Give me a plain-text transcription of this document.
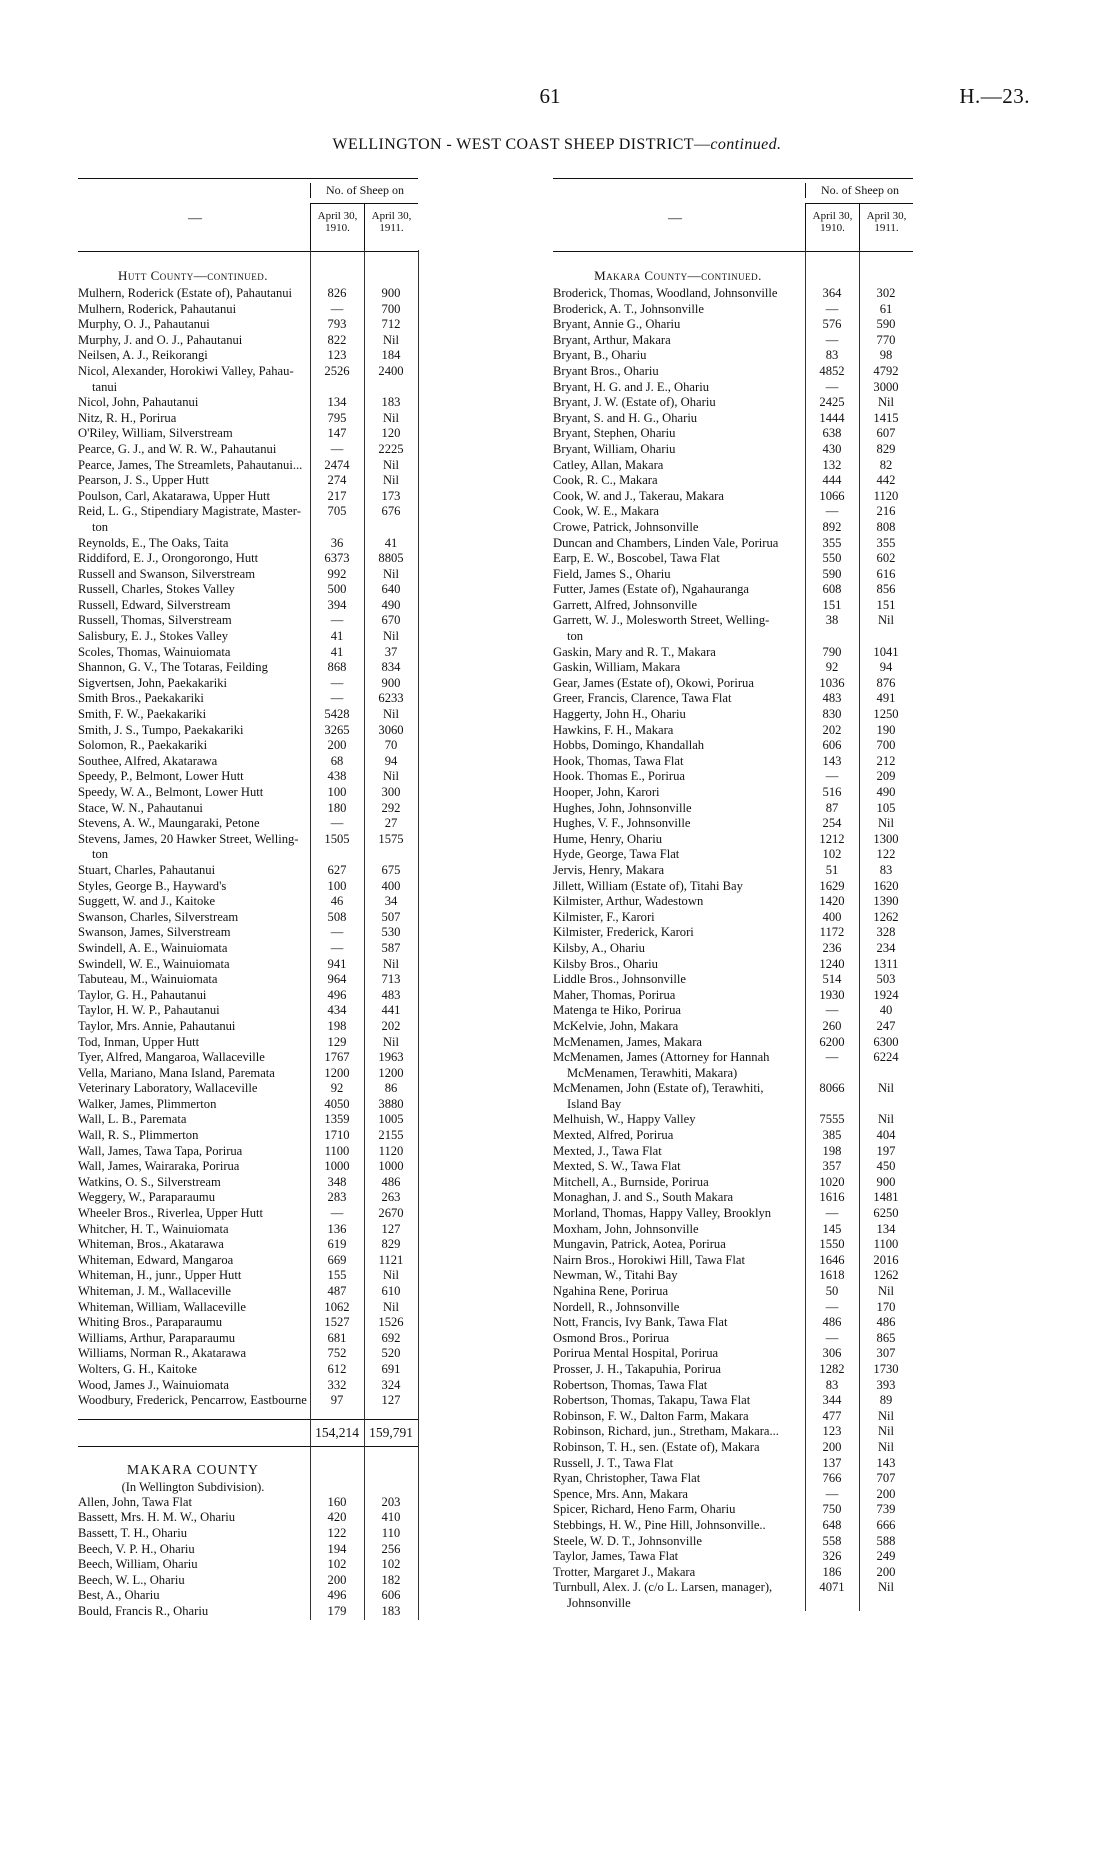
61	H.—23.
WELLINGTON - WEST COAST SHEEP DISTRICT—continued.
—
No. of Sheep on
April 30, 1910.
April 30, 1911.
Hutt County—continued.
Mulhern, Roderick (Estate of), Pahautanui	826	900
Mulhern, Roderick, Pahautanui	—	700
Murphy, O. J., Pahautanui	793	712
Murphy, J. and O. J., Pahautanui	822	Nil
Neilsen, A. J., Reikorangi	123	184
Nicol, Alexander, Horokiwi Valley, Pahau-	2526	2400
tanui
Nicol, John, Pahautanui	134	183
Nitz, R. H., Porirua	795	Nil
O'Riley, William, Silverstream	147	120
Pearce, G. J., and W. R. W., Pahautanui	—	2225
Pearce, James, The Streamlets, Pahautanui...	2474	Nil
Pearson, J. S., Upper Hutt	274	Nil
Poulson, Carl, Akatarawa, Upper Hutt	217	173
Reid, L. G., Stipendiary Magistrate, Master-	705	676
ton
Reynolds, E., The Oaks, Taita	36	41
Riddiford, E. J., Orongorongo, Hutt	6373	8805
Russell and Swanson, Silverstream	992	Nil
Russell, Charles, Stokes Valley	500	640
Russell, Edward, Silverstream	394	490
Russell, Thomas, Silverstream	—	670
Salisbury, E. J., Stokes Valley	41	Nil
Scoles, Thomas, Wainuiomata	41	37
Shannon, G. V., The Totaras, Feilding	868	834
Sigvertsen, John, Paekakariki	—	900
Smith Bros., Paekakariki	—	6233
Smith, F. W., Paekakariki	5428	Nil
Smith, J. S., Tumpo, Paekakariki	3265	3060
Solomon, R., Paekakariki	200	70
Southee, Alfred, Akatarawa	68	94
Speedy, P., Belmont, Lower Hutt	438	Nil
Speedy, W. A., Belmont, Lower Hutt	100	300
Stace, W. N., Pahautanui	180	292
Stevens, A. W., Maungaraki, Petone	—	27
Stevens, James, 20 Hawker Street, Welling-	1505	1575
ton
Stuart, Charles, Pahautanui	627	675
Styles, George B., Hayward's	100	400
Suggett, W. and J., Kaitoke	46	34
Swanson, Charles, Silverstream	508	507
Swanson, James, Silverstream	—	530
Swindell, A. E., Wainuiomata	—	587
Swindell, W. E., Wainuiomata	941	Nil
Tabuteau, M., Wainuiomata	964	713
Taylor, G. H., Pahautanui	496	483
Taylor, H. W. P., Pahautanui	434	441
Taylor, Mrs. Annie, Pahautanui	198	202
Tod, Inman, Upper Hutt	129	Nil
Tyer, Alfred, Mangaroa, Wallaceville	1767	1963
Vella, Mariano, Mana Island, Paremata	1200	1200
Veterinary Laboratory, Wallaceville	92	86
Walker, James, Plimmerton	4050	3880
Wall, L. B., Paremata	1359	1005
Wall, R. S., Plimmerton	1710	2155
Wall, James, Tawa Tapa, Porirua	1100	1120
Wall, James, Wairaraka, Porirua	1000	1000
Watkins, O. S., Silverstream	348	486
Weggery, W., Paraparaumu	283	263
Wheeler Bros., Riverlea, Upper Hutt	—	2670
Whitcher, H. T., Wainuiomata	136	127
Whiteman, Bros., Akatarawa	619	829
Whiteman, Edward, Mangaroa	669	1121
Whiteman, H., junr., Upper Hutt	155	Nil
Whiteman, J. M., Wallaceville	487	610
Whiteman, William, Wallaceville	1062	Nil
Whiting Bros., Paraparaumu	1527	1526
Williams, Arthur, Paraparaumu	681	692
Williams, Norman R., Akatarawa	752	520
Wolters, G. H., Kaitoke	612	691
Wood, James J., Wainuiomata	332	324
Woodbury, Frederick, Pencarrow, Eastbourne	97	127
154,214 159,791
MAKARA COUNTY
(In Wellington Subdivision).
Allen, John, Tawa Flat	160	203
Bassett, Mrs. H. M. W., Ohariu	420	410
Bassett, T. H., Ohariu	122	110
Beech, V. P. H., Ohariu	194	256
Beech, William, Ohariu	102	102
Beech, W. L., Ohariu	200	182
Best, A., Ohariu	496	606
Bould, Francis R., Ohariu	179	183
—
No. of Sheep on
April 30, 1910.
April 30, 1911.
Makara County—continued.
Broderick, Thomas, Woodland, Johnsonville	364	302
Broderick, A. T., Johnsonville	—	61
Bryant, Annie G., Ohariu	576	590
Bryant, Arthur, Makara	—	770
Bryant, B., Ohariu	83	98
Bryant Bros., Ohariu	4852	4792
Bryant, H. G. and J. E., Ohariu	—	3000
Bryant, J. W. (Estate of), Ohariu	2425	Nil
Bryant, S. and H. G., Ohariu	1444	1415
Bryant, Stephen, Ohariu	638	607
Bryant, William, Ohariu	430	829
Catley, Allan, Makara	132	82
Cook, R. C., Makara	444	442
Cook, W. and J., Takerau, Makara	1066	1120
Cook, W. E., Makara	—	216
Crowe, Patrick, Johnsonville	892	808
Duncan and Chambers, Linden Vale, Porirua	355	355
Earp, E. W., Boscobel, Tawa Flat	550	602
Field, James S., Ohariu	590	616
Futter, James (Estate of), Ngahauranga	608	856
Garrett, Alfred, Johnsonville	151	151
Garrett, W. J., Molesworth Street, Welling-	38	Nil
ton
Gaskin, Mary and R. T., Makara	790	1041
Gaskin, William, Makara	92	94
Gear, James (Estate of), Okowi, Porirua	1036	876
Greer, Francis, Clarence, Tawa Flat	483	491
Haggerty, John H., Ohariu	830	1250
Hawkins, F. H., Makara	202	190
Hobbs, Domingo, Khandallah	606	700
Hook, Thomas, Tawa Flat	143	212
Hook. Thomas E., Porirua	—	209
Hooper, John, Karori	516	490
Hughes, John, Johnsonville	87	105
Hughes, V. F., Johnsonville	254	Nil
Hume, Henry, Ohariu	1212	1300
Hyde, George, Tawa Flat	102	122
Jervis, Henry, Makara	51	83
Jillett, William (Estate of), Titahi Bay	1629	1620
Kilmister, Arthur, Wadestown	1420	1390
Kilmister, F., Karori	400	1262
Kilmister, Frederick, Karori	1172	328
Kilsby, A., Ohariu	236	234
Kilsby Bros., Ohariu	1240	1311
Liddle Bros., Johnsonville	514	503
Maher, Thomas, Porirua	1930	1924
Matenga te Hiko, Porirua	—	40
McKelvie, John, Makara	260	247
McMenamen, James, Makara	6200	6300
McMenamen, James (Attorney for Hannah	—	6224
McMenamen, Terawhiti, Makara)
McMenamen, John (Estate of), Terawhiti,	8066	Nil
Island Bay
Melhuish, W., Happy Valley	7555	Nil
Mexted, Alfred, Porirua	385	404
Mexted, J., Tawa Flat	198	197
Mexted, S. W., Tawa Flat	357	450
Mitchell, A., Burnside, Porirua	1020	900
Monaghan, J. and S., South Makara	1616	1481
Morland, Thomas, Happy Valley, Brooklyn	—	6250
Moxham, John, Johnsonville	145	134
Mungavin, Patrick, Aotea, Porirua	1550	1100
Nairn Bros., Horokiwi Hill, Tawa Flat	1646	2016
Newman, W., Titahi Bay	1618	1262
Ngahina Rene, Porirua	50	Nil
Nordell, R., Johnsonville	—	170
Nott, Francis, Ivy Bank, Tawa Flat	486	486
Osmond Bros., Porirua	—	865
Porirua Mental Hospital, Porirua	306	307
Prosser, J. H., Takapuhia, Porirua	1282	1730
Robertson, Thomas, Tawa Flat	83	393
Robertson, Thomas, Takapu, Tawa Flat	344	89
Robinson, F. W., Dalton Farm, Makara	477	Nil
Robinson, Richard, jun., Stretham, Makara...	123	Nil
Robinson, T. H., sen. (Estate of), Makara	200	Nil
Russell, J. T., Tawa Flat	137	143
Ryan, Christopher, Tawa Flat	766	707
Spence, Mrs. Ann, Makara	—	200
Spicer, Richard, Heno Farm, Ohariu	750	739
Stebbings, H. W., Pine Hill, Johnsonville..	648	666
Steele, W. D. T., Johnsonville	558	588
Taylor, James, Tawa Flat	326	249
Trotter, Margaret J., Makara	186	200
Turnbull, Alex. J. (c/o L. Larsen, manager),	4071	Nil
Johnsonville
